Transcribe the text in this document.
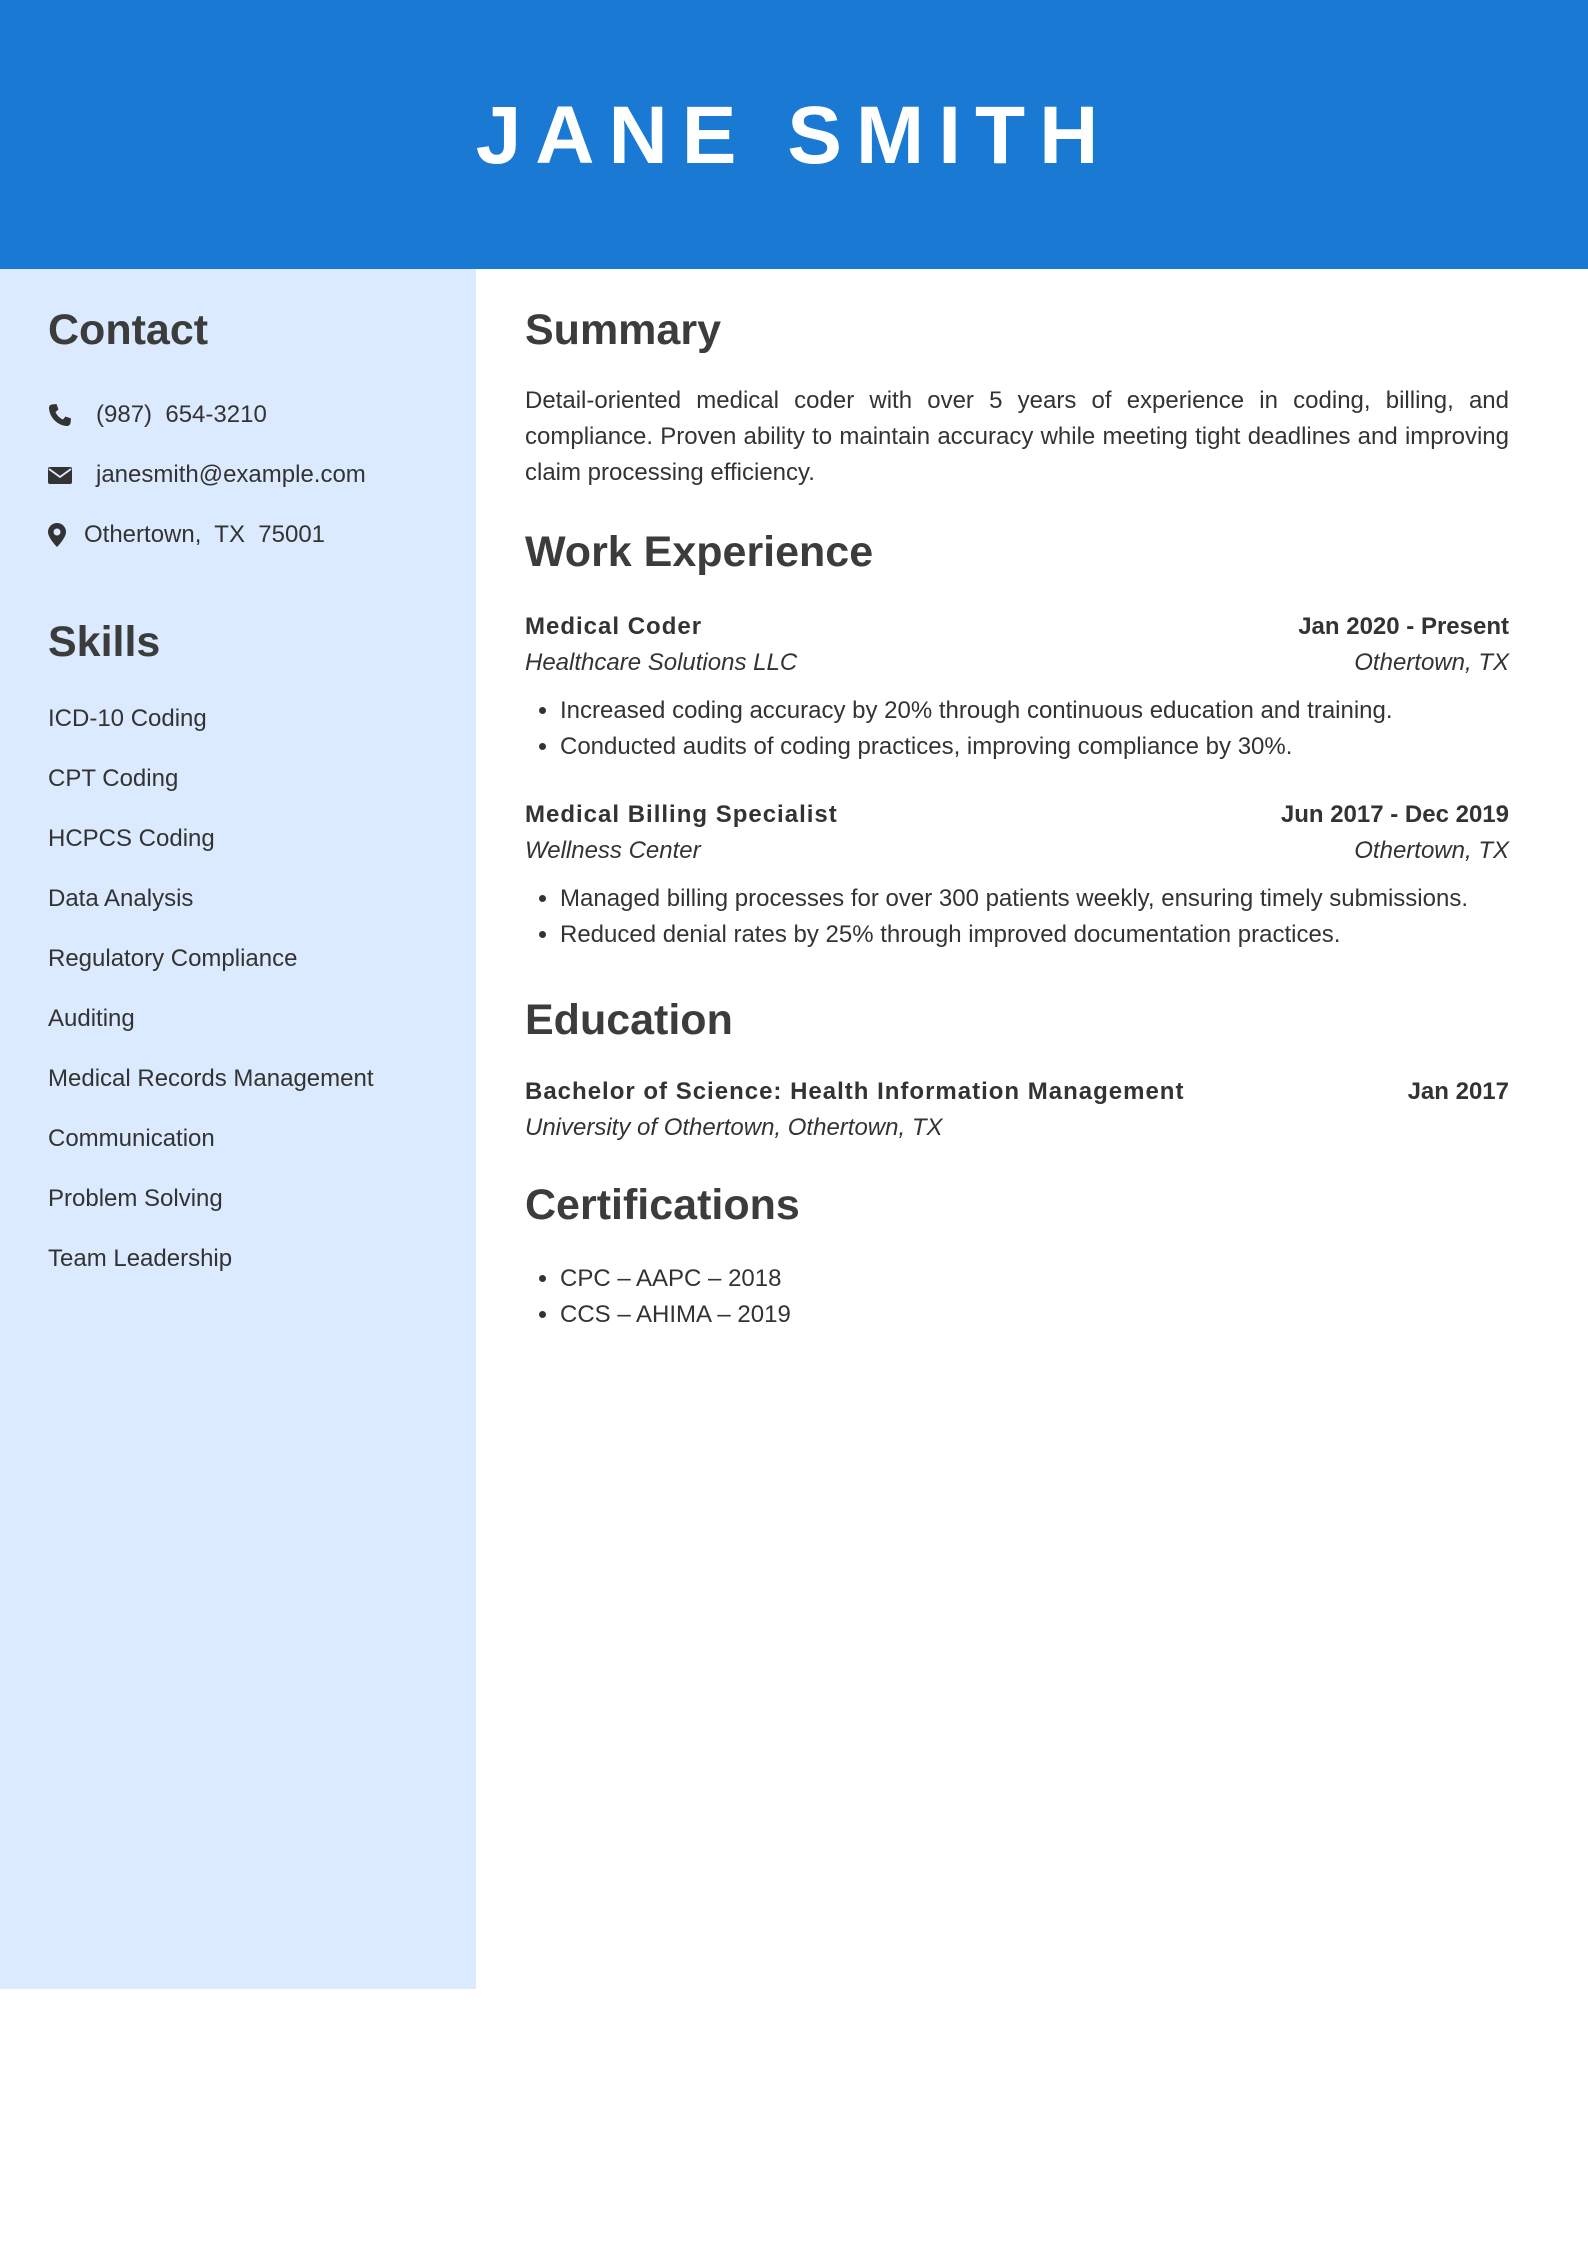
JANE SMITH
Contact
(987)  654-3210
janesmith@example.com
Othertown,  TX  75001
Skills
ICD-10 Coding
CPT Coding
HCPCS Coding
Data Analysis
Regulatory Compliance
Auditing
Medical Records Management
Communication
Problem Solving
Team Leadership
Summary

Detail-oriented medical coder with over 5 years of experience in coding, billing, and compliance. Proven ability to maintain accuracy while meeting tight deadlines and improving claim processing efficiency.

Work Experience
Medical Coder	Jan 2020 - Present
Healthcare Solutions LLC	Othertown, TX
• Increased coding accuracy by 20% through continuous education and training.
• Conducted audits of coding practices, improving compliance by 30%.
Medical Billing Specialist	Jun 2017 - Dec 2019
Wellness Center	Othertown, TX
• Managed billing processes for over 300 patients weekly, ensuring timely submissions.
• Reduced denial rates by 25% through improved documentation practices.
Education
Bachelor of Science: Health Information Management	Jan 2017
University of Othertown, Othertown, TX
Certifications
• CPC – AAPC – 2018
• CCS – AHIMA – 2019
